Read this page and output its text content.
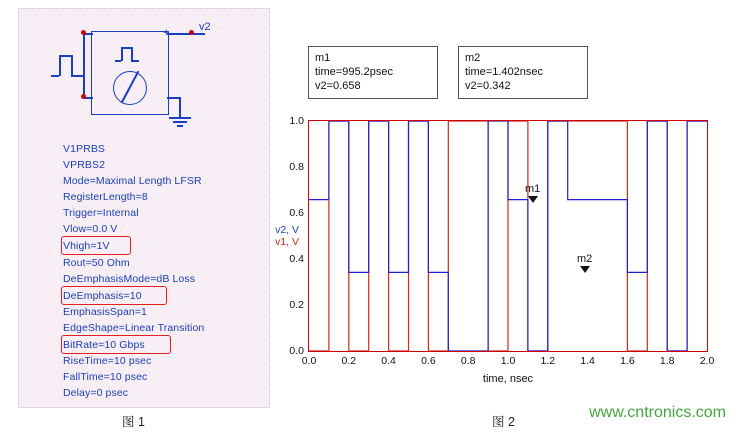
+	v2
V1PRBS
VPRBS2
Mode=Maximal Length LFSR
RegisterLength=8
Trigger=Internal
Vlow=0.0 V
Vhigh=1V
Rout=50 Ohm
DeEmphasisMode=dB Loss
DeEmphasis=10
EmphasisSpan=1
EdgeShape=Linear Transition
BitRate=10 Gbps
RiseTime=10 psec
FallTime=10 psec
Delay=0 psec
图 1
m1
time=995.2psec
v2=0.658
m2
time=1.402nsec
v2=0.342
1.0
0.8
0.6
0.4
0.2
0.0
0.0 0.2 0.4 0.6 0.8 1.0 1.2 1.4 1.6 1.8 2.0
v2, V
v1, V
time, nsec
m1
m2
图 2
www.cntronics.com
